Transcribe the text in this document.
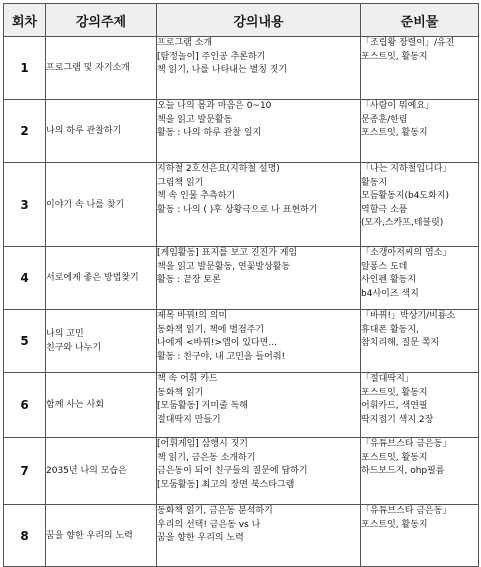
회차	강의주제	강의내용	준비물
1	프로그램 및 자기소개	프로그램 소개
[탐정놀이] 주인공 추론하기
책 읽기, 나를 나타내는 별칭 짓기	「조립왕 장렬이」/유진
포스트잇, 활동지

2	나의 하루 관찰하기	오늘 나의 몸과 마음은 0~10
책을 읽고 발문활동
활동 : 나의 하루 관찰 일지	「사람이 뭐예요」
문종훈/한림
포스트잇, 활동지

3	이야기 속 나를 찾기	지하철 2호선은요(지하철 설명)
그림책 읽기
책 속 인물 추측하기
활동 : 나의 ( )후 상황극으로 나 표현하기	「나는 지하철입니다」
활동지
모듬활동지(b4도화지)
역할극 소품
(모자,스카프,테블릿)

4	서로에게 좋은 방법찾기	[게임활동] 표지를 보고 진진가 게임
책을 읽고 발문활동, 연꽃발상활동
활동 : 끝장 토론	「소갱아저씨의 염소」
알퐁스 도데
사인펜 활동지
b4사이즈 색지

5	나의 고민
친구와 나누기	제목 바꿔!의 의미
동화책 읽기, 책에 별점주기
나에게 <바꿔!>앱이 있다면...
활동 : 친구야, 내 고민을 들어줘!	「바꿔!」박상기/비룡소
휴대폰 활동지,
참치리해, 질문 쪽지

6	함께 사는 사회	책 속 어휘 카드
동화책 읽기
[모둠활동] 거미줄 독해
절대딱지 만들기	「절대딱지」
포스트잇, 활동지
어휘카드, 색연필
딱지접기 색지 2장

7	2035년 나의 모습은	[어휘게임] 삼행시 짓기
책 읽기, 금은동 소개하기
금은동이 되어 친구들의 질문에 답하기
[모둠활동] 최고의 장면 북스타그램	「유튜브스타 금은동」
포스트잇, 활동지
하드보드지, ohp필름

8	꿈을 향한 우리의 노력	동화책 읽기, 금은동 분석하기
우리의 선택! 금은동 vs 나
꿈을 향한 우리의 노력	「유튜브스타 금은동」
포스트잇, 활동지
